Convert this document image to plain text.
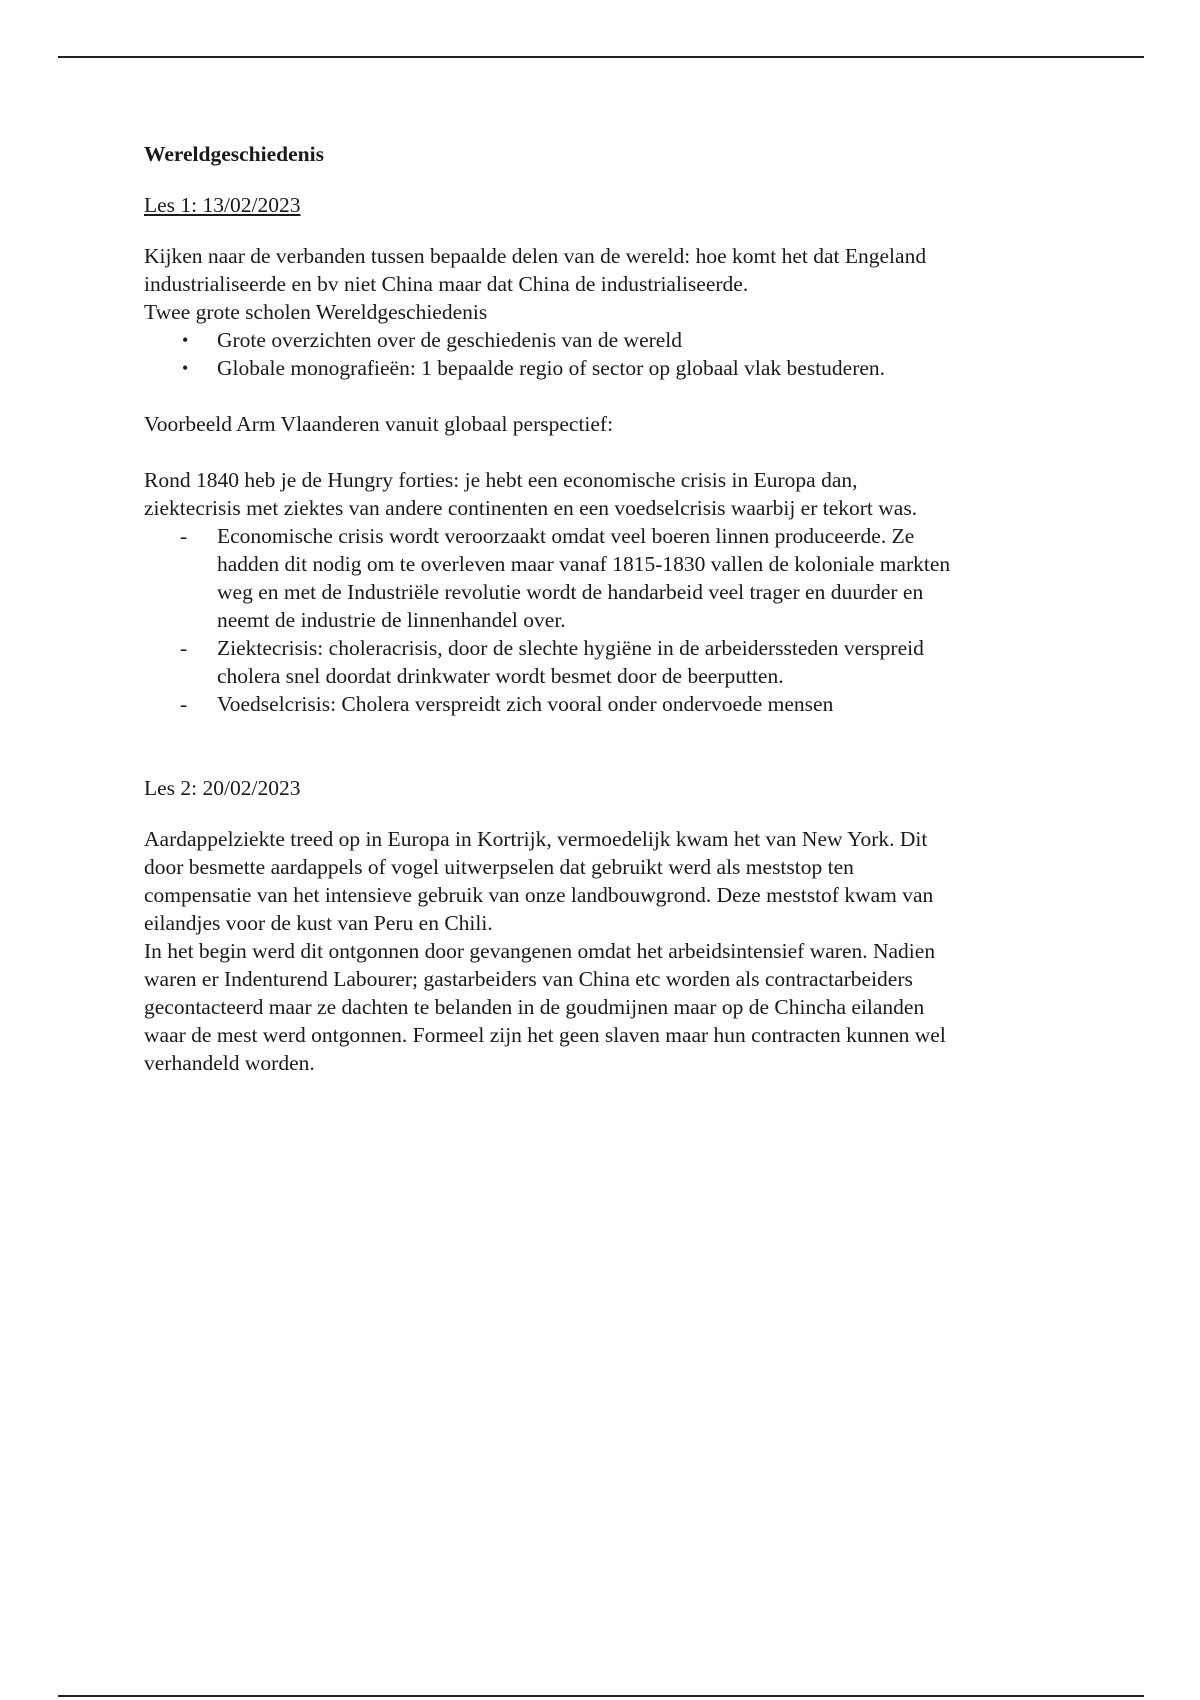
Wereldgeschiedenis

Les 1: 13/02/2023

Kijken naar de verbanden tussen bepaalde delen van de wereld: hoe komt het dat Engeland
industrialiseerde en bv niet China maar dat China de industrialiseerde.
Twee grote scholen Wereldgeschiedenis
•	Grote overzichten over de geschiedenis van de wereld
•	Globale monografieën: 1 bepaalde regio of sector op globaal vlak bestuderen.
Voorbeeld Arm Vlaanderen vanuit globaal perspectief:
Rond 1840 heb je de Hungry forties: je hebt een economische crisis in Europa dan,
ziektecrisis met ziektes van andere continenten en een voedselcrisis waarbij er tekort was.
-	Economische crisis wordt veroorzaakt omdat veel boeren linnen produceerde. Ze
hadden dit nodig om te overleven maar vanaf 1815-1830 vallen de koloniale markten
weg en met de Industriële revolutie wordt de handarbeid veel trager en duurder en
neemt de industrie de linnenhandel over.
-	Ziektecrisis: choleracrisis, door de slechte hygiëne in de arbeiderssteden verspreid
cholera snel doordat drinkwater wordt besmet door de beerputten.
-	Voedselcrisis: Cholera verspreidt zich vooral onder ondervoede mensen

Les 2: 20/02/2023

Aardappelziekte treed op in Europa in Kortrijk, vermoedelijk kwam het van New York. Dit
door besmette aardappels of vogel uitwerpselen dat gebruikt werd als meststop ten
compensatie van het intensieve gebruik van onze landbouwgrond. Deze meststof kwam van
eilandjes voor de kust van Peru en Chili.
In het begin werd dit ontgonnen door gevangenen omdat het arbeidsintensief waren. Nadien
waren er Indenturend Labourer; gastarbeiders van China etc worden als contractarbeiders
gecontacteerd maar ze dachten te belanden in de goudmijnen maar op de Chincha eilanden
waar de mest werd ontgonnen. Formeel zijn het geen slaven maar hun contracten kunnen wel
verhandeld worden.
